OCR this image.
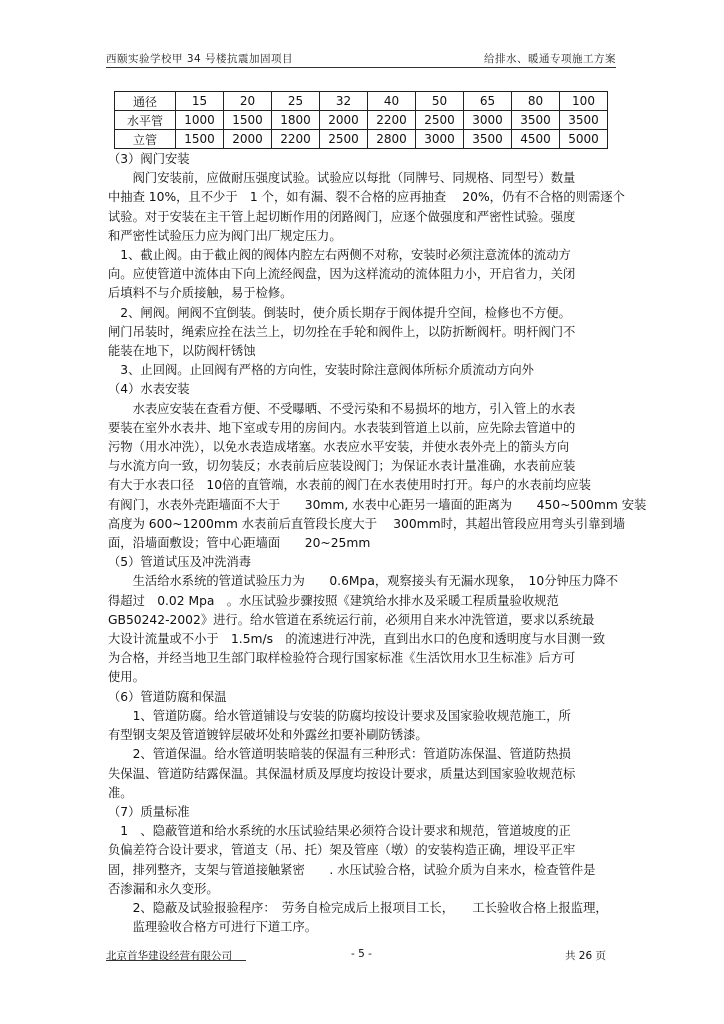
西颐实验学校甲 34 号楼抗震加固项目	给排水、暖通专项施工方案
通径	15	20	25	32	40	50	65	80	100
水平管	1000	1500	1800	2000	2200	2500	3000	3500	3500
立管	1500	2000	2200	2500	2800	3000	3500	4500	5000

（3）阀门安装

　　阀门安装前，应做耐压强度试验。试验应以每批（同牌号、同规格、同型号）数量

中抽查 10%，且不少于　1 个，如有漏、裂不合格的应再抽查　 20%，仍有不合格的则需逐个

试验。对于安装在主干管上起切断作用的闭路阀门，应逐个做强度和严密性试验。强度

和严密性试验压力应为阀门出厂规定压力。

　1、截止阀。由于截止阀的阀体内腔左右两侧不对称，安装时必须注意流体的流动方

向。应使管道中流体由下向上流经阀盘，因为这样流动的流体阻力小，开启省力，关闭

后填料不与介质接触，易于检修。

　2、闸阀。闸阀不宜倒装。倒装时，使介质长期存于阀体提升空间，检修也不方便。

闸门吊装时，绳索应拴在法兰上，切勿拴在手轮和阀件上，以防折断阀杆。明杆阀门不

能装在地下，以防阀杆锈蚀

　3、止回阀。止回阀有严格的方向性，安装时除注意阀体所标介质流动方向外

（4）水表安装

　　水表应安装在查看方便、不受曝晒、不受污染和不易损坏的地方，引入管上的水表

要装在室外水表井、地下室或专用的房间内。水表装到管道上以前，应先除去管道中的

污物（用水冲洗），以免水表造成堵塞。水表应水平安装，并使水表外壳上的箭头方向

与水流方向一致，切勿装反；水表前后应装设阀门；为保证水表计量准确，水表前应装

有大于水表口径　10倍的直管端，水表前的阀门在水表使用时打开。每户的水表前均应装

有阀门，水表外壳距墙面不大于　　30mm, 水表中心距另一墙面的距离为　　450~500mm 安装

高度为 600~1200mm 水表前后直管段长度大于　 300mm时，其超出管段应用弯头引靠到墙

面，沿墙面敷设；管中心距墙面　　20~25mm

（5）管道试压及冲洗消毒

　　生活给水系统的管道试验压力为　　0.6Mpa，观察接头有无漏水现象，　10分钟压力降不

得超过　0.02 Mpa　。水压试验步骤按照《建筑给水排水及采暖工程质量验收规范

GB50242-2002》进行。给水管道在系统运行前，必须用自来水冲洗管道，要求以系统最

大设计流量或不小于　1.5m/s　的流速进行冲洗，直到出水口的色度和透明度与水目测一致

为合格，并经当地卫生部门取样检验符合现行国家标准《生活饮用水卫生标准》后方可

使用。

（6）管道防腐和保温

　　1、管道防腐。给水管道铺设与安装的防腐均按设计要求及国家验收规范施工，所

有型钢支架及管道镀锌层破坏处和外露丝扣要补刷防锈漆。

　　2、管道保温。给水管道明装暗装的保温有三种形式：管道防冻保温、管道防热损

失保温、管道防结露保温。其保温材质及厚度均按设计要求，质量达到国家验收规范标

准。

（7）质量标准

　1　、隐蔽管道和给水系统的水压试验结果必须符合设计要求和规范，管道坡度的正

负偏差符合设计要求，管道支（吊、托）架及管座（墩）的安装构造正确，埋设平正牢

固，排列整齐，支架与管道接触紧密　　. 水压试验合格，试验介质为自来水，检查管件是

否渗漏和永久变形。

　　2、隐蔽及试验报验程序：　劳务自检完成后上报项目工长，　　工长验收合格上报监理，

　　监理验收合格方可进行下道工序。

北京首华建设经营有限公司	- 5 -	共 26 页
